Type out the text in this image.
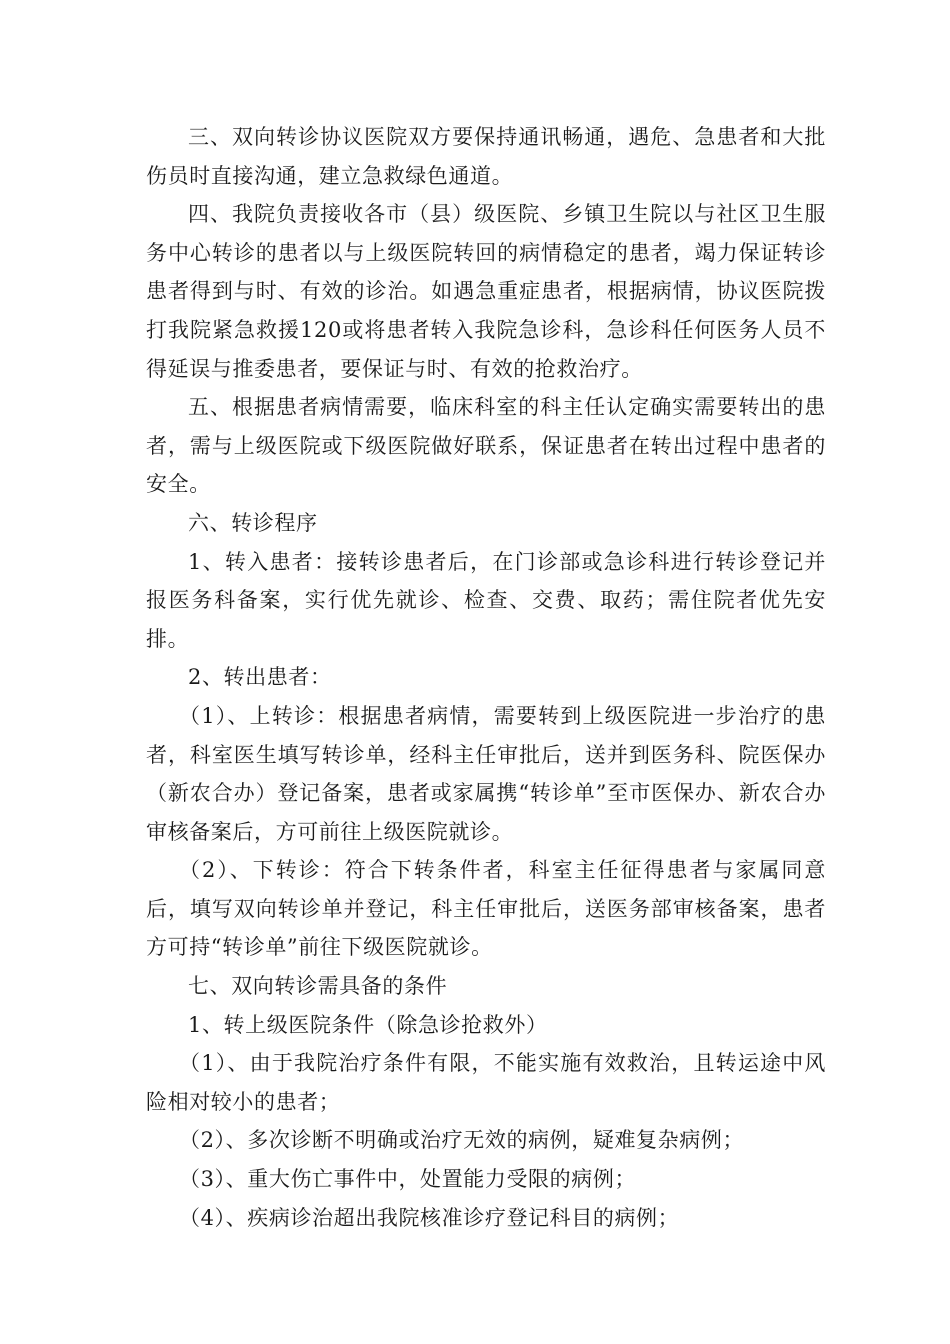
三、双向转诊协议医院双方要保持通讯畅通，遇危、急患者和大批伤员时直接沟通，建立急救绿色通道。

四、我院负责接收各市（县）级医院、乡镇卫生院以与社区卫生服务中心转诊的患者以与上级医院转回的病情稳定的患者，竭力保证转诊患者得到与时、有效的诊治。如遇急重症患者，根据病情，协议医院拨打我院紧急救援120或将患者转入我院急诊科，急诊科任何医务人员不得延误与推委患者，要保证与时、有效的抢救治疗。

五、根据患者病情需要，临床科室的科主任认定确实需要转出的患者，需与上级医院或下级医院做好联系，保证患者在转出过程中患者的安全。

六、转诊程序

1、转入患者：接转诊患者后，在门诊部或急诊科进行转诊登记并报医务科备案，实行优先就诊、检查、交费、取药；需住院者优先安排。

2、转出患者：

（1）、上转诊：根据患者病情，需要转到上级医院进一步治疗的患者，科室医生填写转诊单，经科主任审批后，送并到医务科、院医保办（新农合办）登记备案，患者或家属携“转诊单”至市医保办、新农合办审核备案后，方可前往上级医院就诊。

（2）、下转诊：符合下转条件者，科室主任征得患者与家属同意后，填写双向转诊单并登记，科主任审批后，送医务部审核备案，患者方可持“转诊单”前往下级医院就诊。

七、双向转诊需具备的条件

1、转上级医院条件（除急诊抢救外）

（1）、由于我院治疗条件有限，不能实施有效救治，且转运途中风险相对较小的患者；

（2）、多次诊断不明确或治疗无效的病例，疑难复杂病例；

（3）、重大伤亡事件中，处置能力受限的病例；

（4）、疾病诊治超出我院核准诊疗登记科目的病例；
